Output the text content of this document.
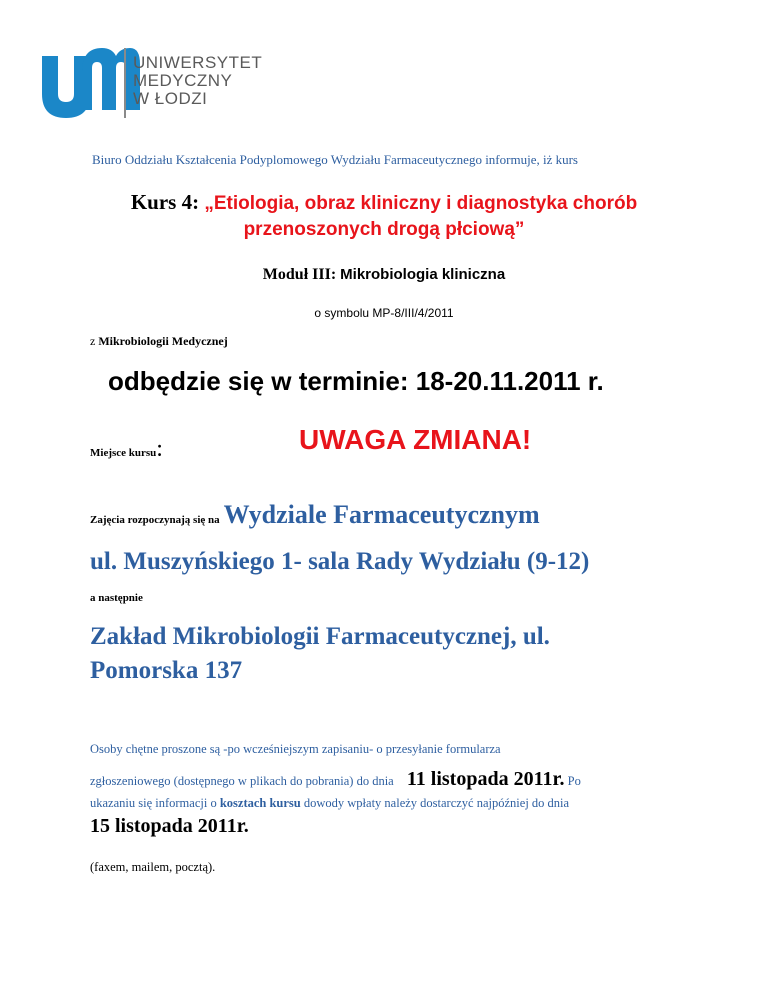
UNIWERSYTET
MEDYCZNY
W ŁODZI
Biuro Oddziału Kształcenia Podyplomowego Wydziału Farmaceutycznego informuje, iż kurs
Kurs 4: „Etiologia, obraz kliniczny i diagnostyka chorób
przenoszonych drogą płciową”
Moduł III: Mikrobiologia kliniczna
o symbolu MP-8/III/4/2011
z Mikrobiologii Medycznej
odbędzie się w terminie: 18-20.11.2011 r.
Miejsce kursu:	UWAGA ZMIANA!
Zajęcia rozpoczynają się na Wydziale Farmaceutycznym
ul. Muszyńskiego 1- sala Rady Wydziału (9-12)
a następnie
Zakład Mikrobiologii Farmaceutycznej, ul.
Pomorska 137
Osoby chętne proszone są -po wcześniejszym zapisaniu- o przesyłanie formularza
zgłoszeniowego (dostępnego w plikach do pobrania) do dnia 11 listopada 2011r. Po
ukazaniu się informacji o kosztach kursu dowody wpłaty należy dostarczyć najpóźniej do dnia
15 listopada 2011r.
(faxem, mailem, pocztą).
